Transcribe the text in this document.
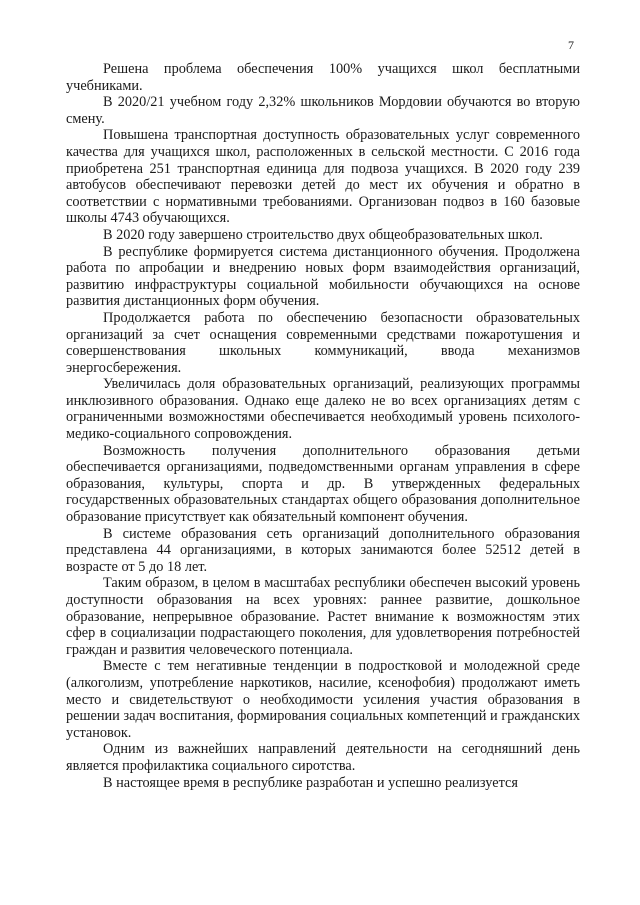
7

Решена проблема обеспечения 100% учащихся школ бесплатными учебниками.

В 2020/21 учебном году 2,32% школьников Мордовии обучаются во вторую смену.

Повышена транспортная доступность образовательных услуг современного качества для учащихся школ, расположенных в сельской местности. С 2016 года приобретена 251 транспортная единица для подвоза учащихся. В 2020 году 239 автобусов обеспечивают перевозки детей до мест их обучения и обратно в соответствии с нормативными требованиями. Организован подвоз в 160 базовые школы 4743 обучающихся.

В 2020 году завершено строительство двух общеобразовательных школ.

В республике формируется система дистанционного обучения. Продолжена работа по апробации и внедрению новых форм взаимодействия организаций, развитию инфраструктуры социальной мобильности обучающихся на основе развития дистанционных форм обучения.

Продолжается работа по обеспечению безопасности образовательных организаций за счет оснащения современными средствами пожаротушения и совершенствования школьных коммуникаций, ввода механизмов энергосбережения.

Увеличилась доля образовательных организаций, реализующих программы инклюзивного образования. Однако еще далеко не во всех организациях детям с ограниченными возможностями обеспечивается необходимый уровень психолого-медико-социального сопровождения.

Возможность получения дополнительного образования детьми обеспечивается организациями, подведомственными органам управления в сфере образования, культуры, спорта и др. В утвержденных федеральных государственных образовательных стандартах общего образования дополнительное образование присутствует как обязательный компонент обучения.

В системе образования сеть организаций дополнительного образования представлена 44 организациями, в которых занимаются более 52512 детей в возрасте от 5 до 18 лет.

Таким образом, в целом в масштабах республики обеспечен высокий уровень доступности образования на всех уровнях: раннее развитие, дошкольное образование, непрерывное образование. Растет внимание к возможностям этих сфер в социализации подрастающего поколения, для удовлетворения потребностей граждан и развития человеческого потенциала.

Вместе с тем негативные тенденции в подростковой и молодежной среде (алкоголизм, употребление наркотиков, насилие, ксенофобия) продолжают иметь место и свидетельствуют о необходимости усиления участия образования в решении задач воспитания, формирования социальных компетенций и гражданских установок.

Одним из важнейших направлений деятельности на сегодняшний день является профилактика социального сиротства.

В настоящее время в республике разработан и успешно реализуется
